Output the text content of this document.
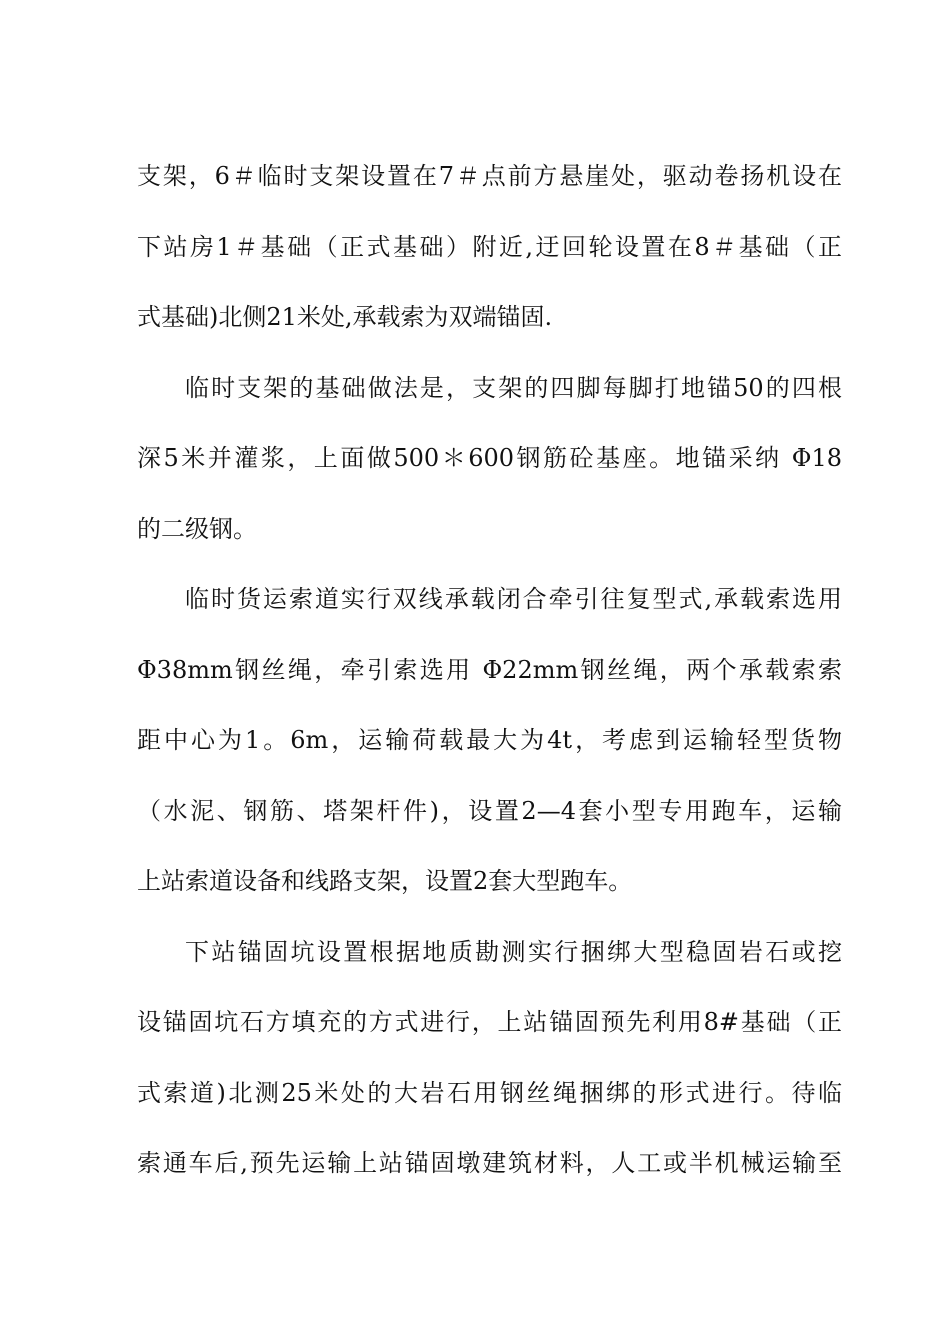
支架，6＃临时支架设置在7＃点前方悬崖处，驱动卷扬机设在
下站房1＃基础（正式基础）附近,迂回轮设置在8＃基础（正
式基础)北侧21米处,承载索为双端锚固.
临时支架的基础做法是，支架的四脚每脚打地锚50的四根
深5米并灌浆，上面做500＊600钢筋砼基座。地锚采纳 Φ18
的二级钢。
临时货运索道实行双线承载闭合牵引往复型式,承载索选用
Φ38mm钢丝绳，牵引索选用 Φ22mm钢丝绳，两个承载索索
距中心为1。6m，运输荷载最大为4t，考虑到运输轻型货物
（水泥、钢筋、塔架杆件)，设置2—4套小型专用跑车，运输
上站索道设备和线路支架，设置2套大型跑车。
下站锚固坑设置根据地质勘测实行捆绑大型稳固岩石或挖
设锚固坑石方填充的方式进行，上站锚固预先利用8#基础（正
式索道)北测25米处的大岩石用钢丝绳捆绑的形式进行。待临
索通车后,预先运输上站锚固墩建筑材料，人工或半机械运输至
